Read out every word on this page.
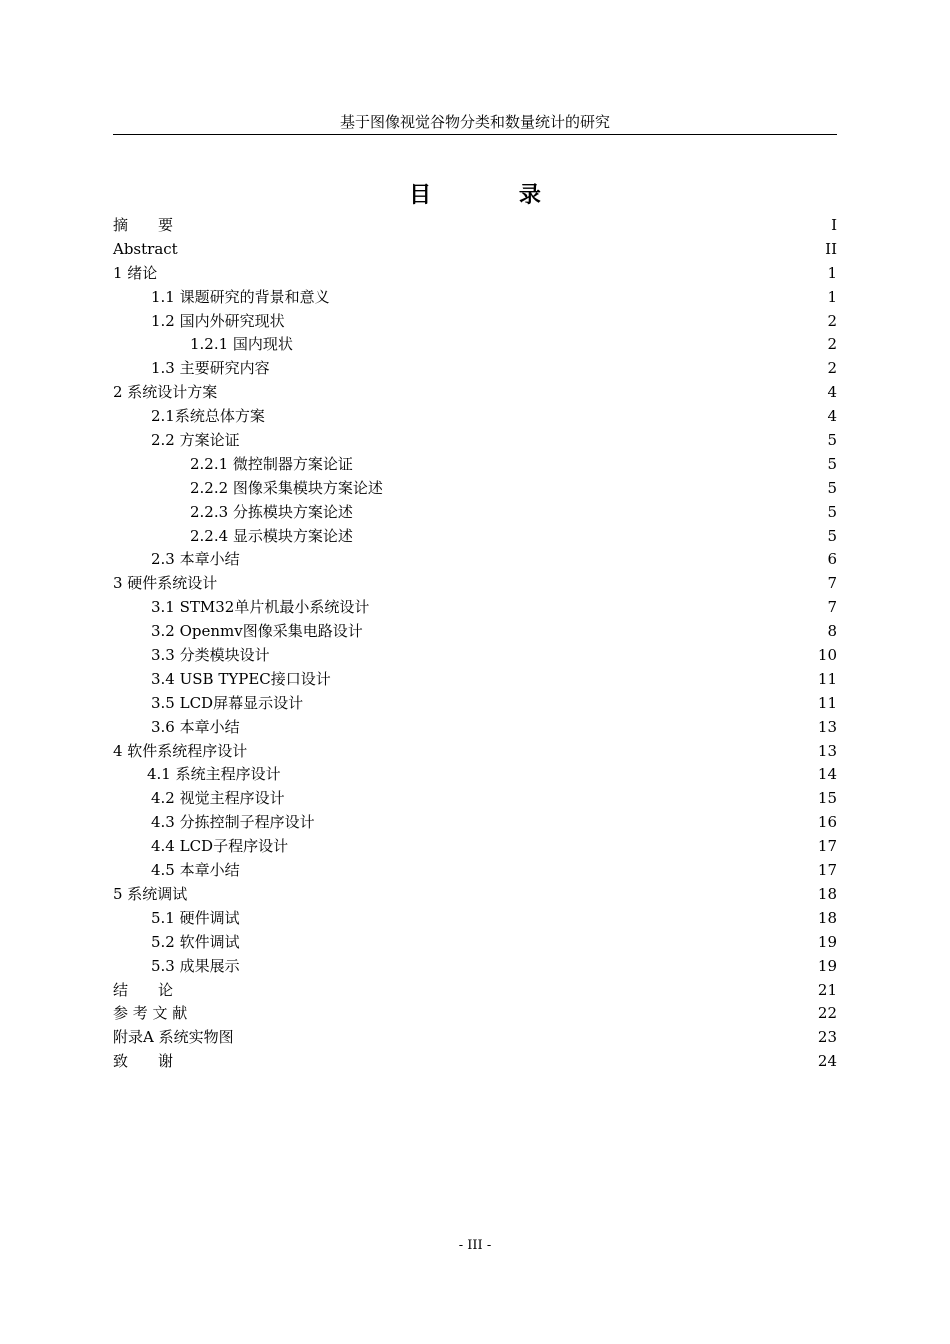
基于图像视觉谷物分类和数量统计的研究
目 录
摘　　要	I
Abstract	II
1 绪论	1
1.1 课题研究的背景和意义	1
1.2 国内外研究现状	2
1.2.1 国内现状	2
1.3 主要研究内容	2
2 系统设计方案	4
2.1系统总体方案	4
2.2 方案论证	5
2.2.1 微控制器方案论证	5
2.2.2 图像采集模块方案论述	5
2.2.3 分拣模块方案论述	5
2.2.4 显示模块方案论述	5
2.3 本章小结	6
3 硬件系统设计	7
3.1 STM32单片机最小系统设计	7
3.2 Openmv图像采集电路设计	8
3.3 分类模块设计	10
3.4 USB TYPEC接口设计	11
3.5 LCD屏幕显示设计	11
3.6 本章小结	13
4 软件系统程序设计	13
4.1 系统主程序设计	14
4.2 视觉主程序设计	15
4.3 分拣控制子程序设计	16
4.4 LCD子程序设计	17
4.5 本章小结	17
5 系统调试	18
5.1 硬件调试	18
5.2 软件调试	19
5.3 成果展示	19
结　　论	21
参 考 文 献	22
附录A 系统实物图	23
致　　谢	24
- III -
